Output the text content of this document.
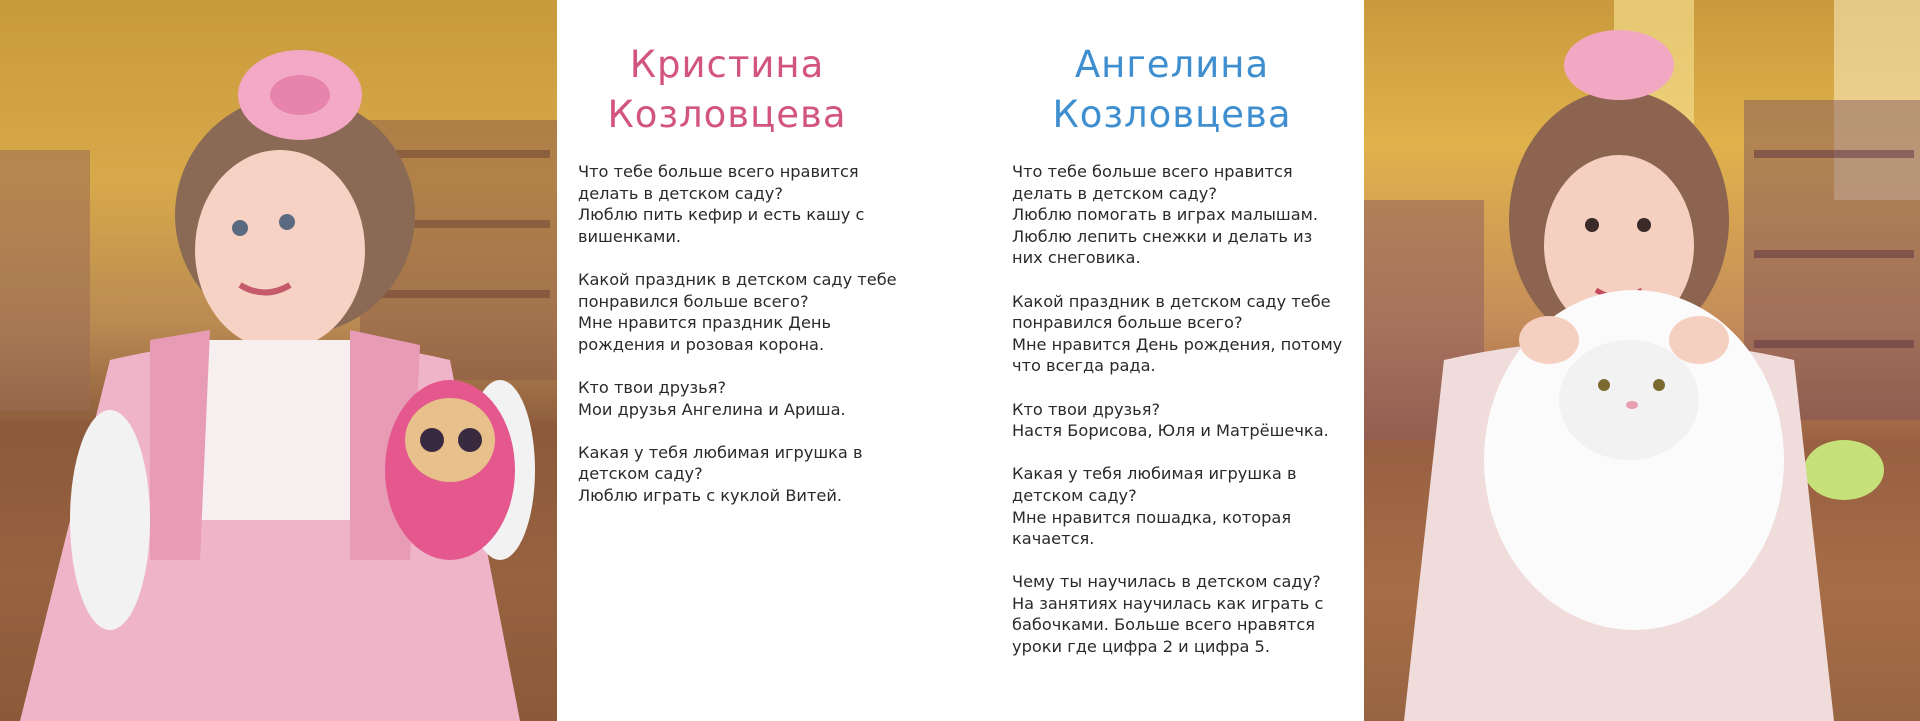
Кристина
Козловцева

Что тебе больше всего нравится
делать в детском саду?
Люблю пить кефир и есть кашу с
вишенками.

Какой праздник в детском саду тебе
понравился больше всего?
Мне нравится праздник День
рождения и розовая корона.

Кто твои друзья?
Мои друзья Ангелина и Ариша.

Какая у тебя любимая игрушка в
детском саду?
Люблю играть с куклой Витей.

Ангелина
Козловцева

Что тебе больше всего нравится
делать в детском саду?
Люблю помогать в играх малышам.
Люблю лепить снежки и делать из
них снеговика.

Какой праздник в детском саду тебе
понравился больше всего?
Мне нравится День рождения, потому
что всегда рада.

Кто твои друзья?
Настя Борисова, Юля и Матрёшечка.

Какая у тебя любимая игрушка в
детском саду?
Мне нравится пошадка, которая
качается.

Чему ты научилась в детском саду?
На занятиях научилась как играть с
бабочками. Больше всего нравятся
уроки где цифра 2 и цифра 5.
